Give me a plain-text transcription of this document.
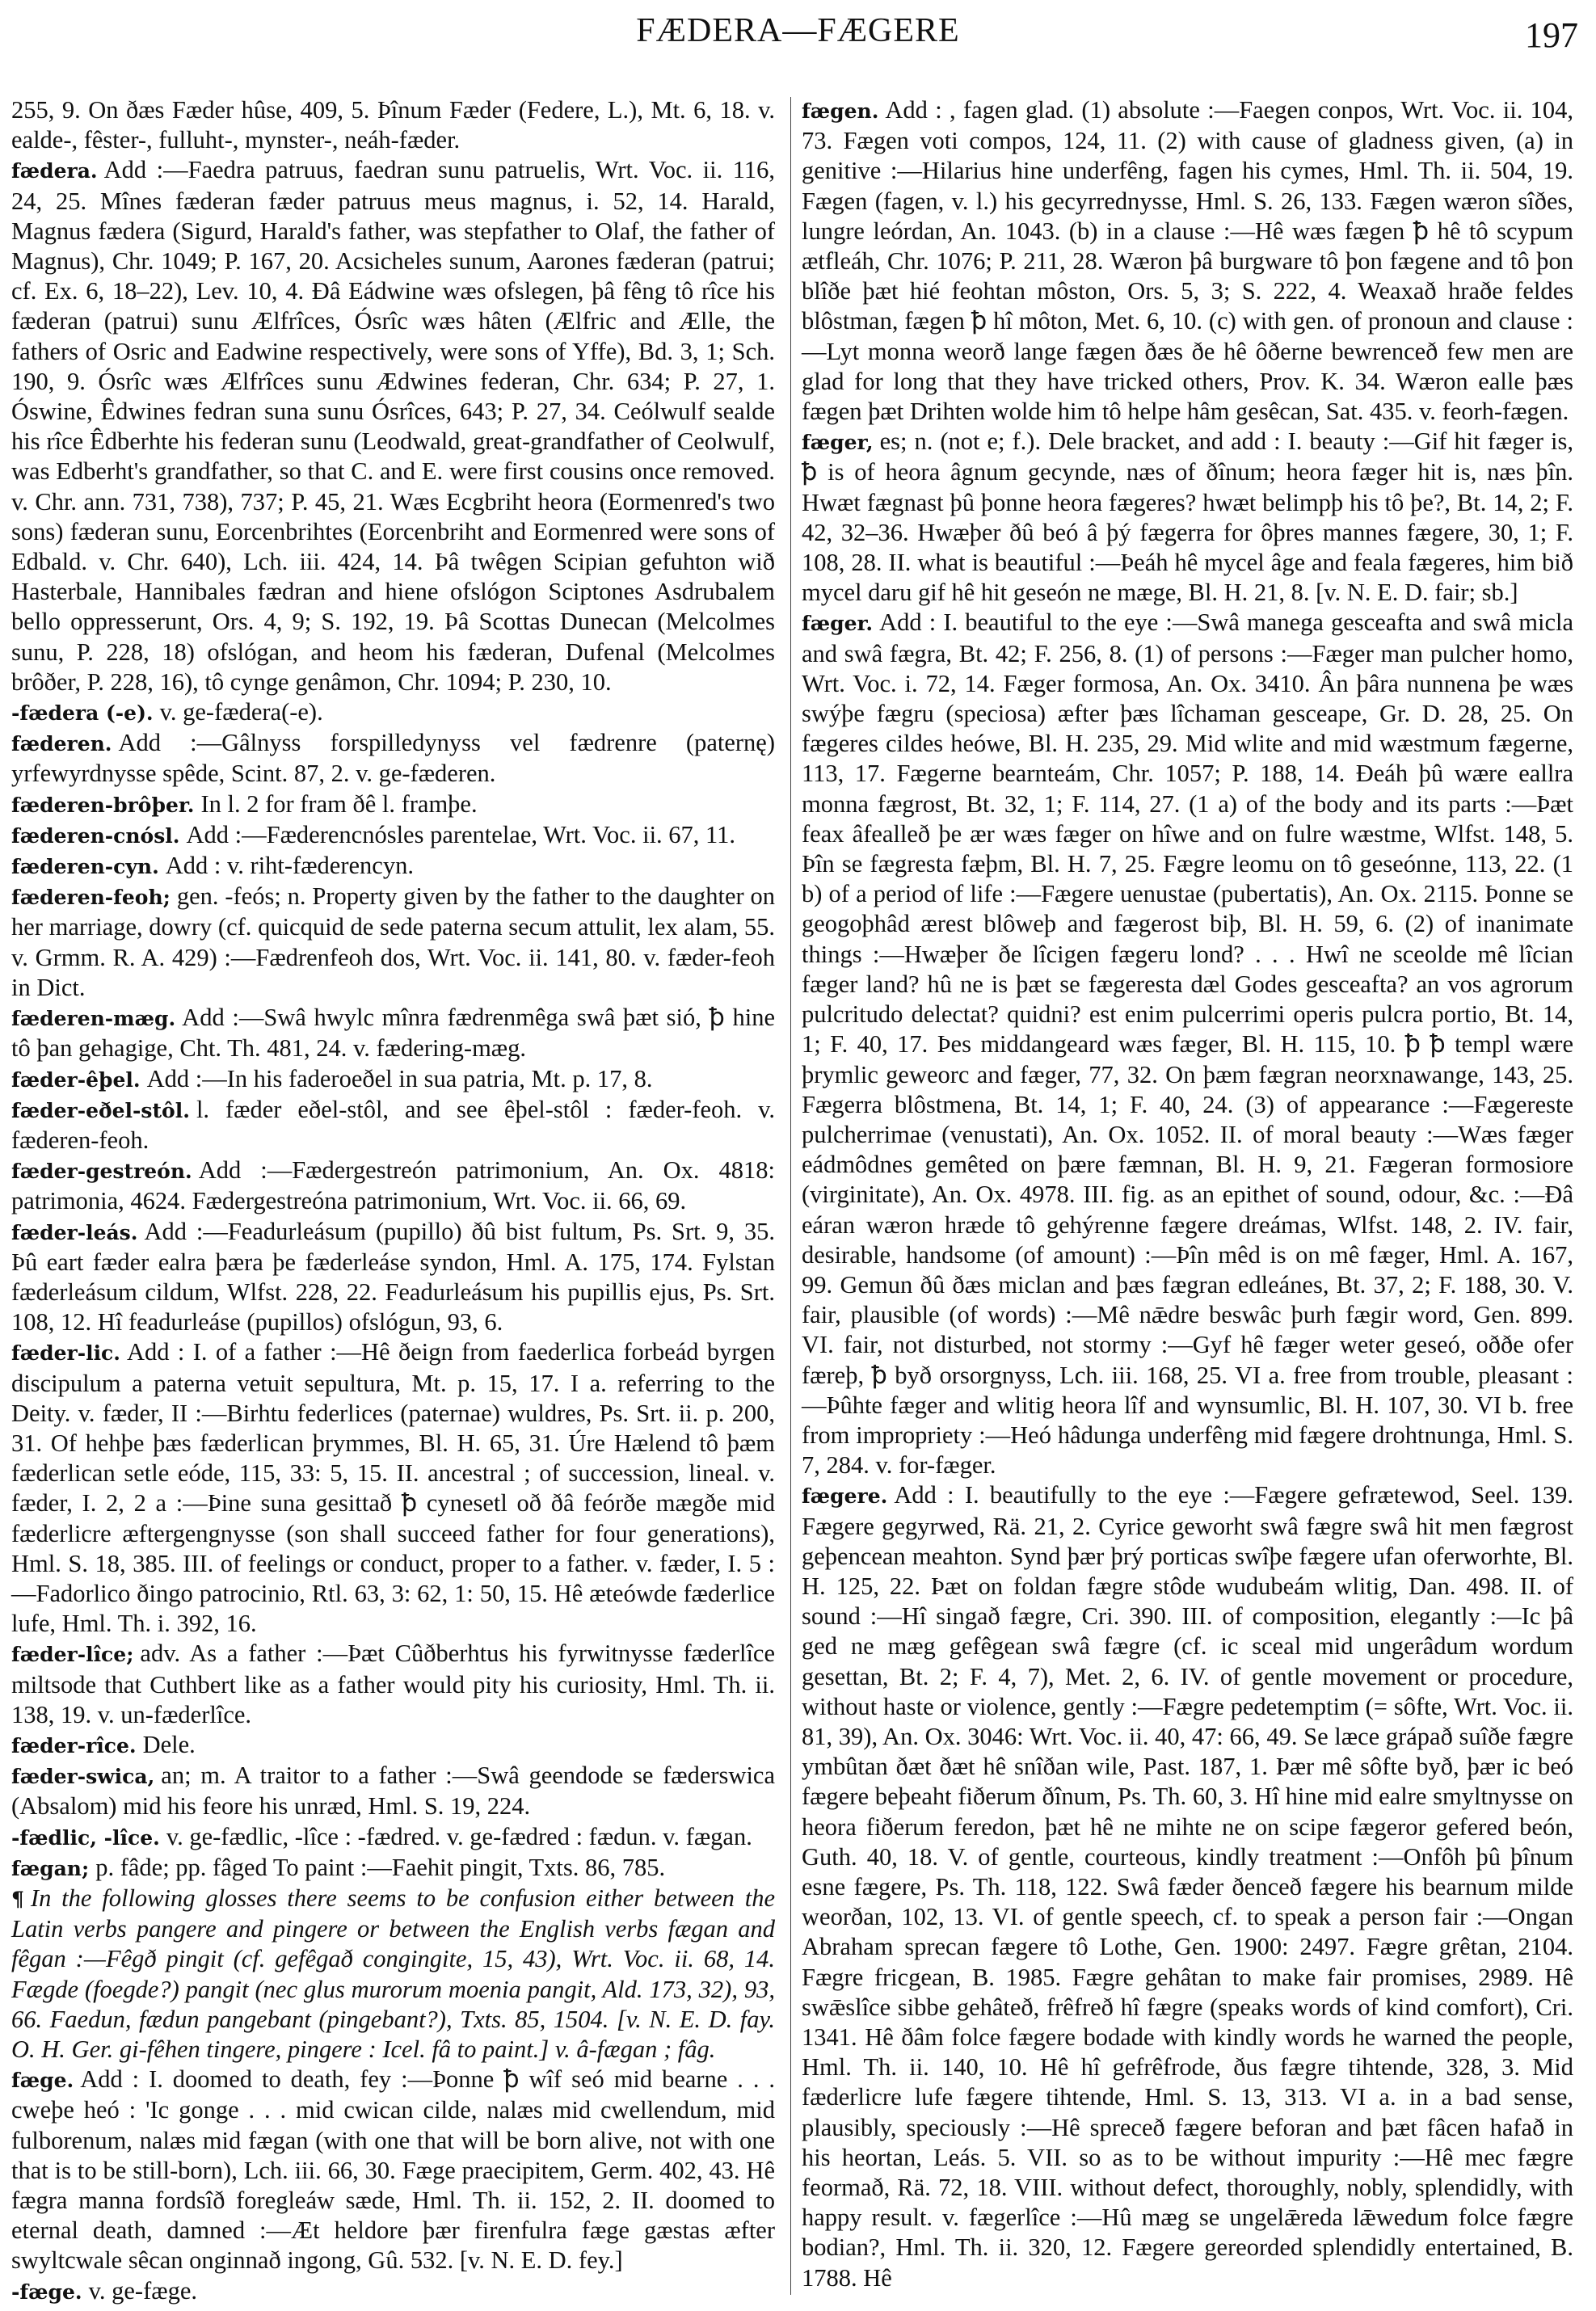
FÆDERA—FÆGERE	197

255, 9. On ðæs Fæder hûse, 409, 5. Þînum Fæder (Federe, L.), Mt. 6, 18. v. ealde-, fêster-, fulluht-, mynster-, neáh-fæder.

fædera. Add :—Faedra patruus, faedran sunu patruelis, Wrt. Voc. ii. 116, 24, 25. Mînes fæderan fæder patruus meus magnus, i. 52, 14. Harald, Magnus fædera (Sigurd, Harald's father, was stepfather to Olaf, the father of Magnus), Chr. 1049; P. 167, 20. Acsicheles sunum, Aarones fæderan (patrui; cf. Ex. 6, 18–22), Lev. 10, 4. Ðâ Eádwine wæs ofslegen, þâ fêng tô rîce his fæderan (patrui) sunu Ælfrîces, Ósrîc wæs hâten (Ælfric and Ælle, the fathers of Osric and Eadwine respectively, were sons of Yffe), Bd. 3, 1; Sch. 190, 9. Ósrîc wæs Ælfrîces sunu Ædwines federan, Chr. 634; P. 27, 1. Óswine, Êdwines fedran suna sunu Ósrîces, 643; P. 27, 34. Ceólwulf sealde his rîce Êdberhte his federan sunu (Leodwald, great-grandfather of Ceolwulf, was Edberht's grandfather, so that C. and E. were first cousins once removed. v. Chr. ann. 731, 738), 737; P. 45, 21. Wæs Ecgbriht heora (Eormenred's two sons) fæderan sunu, Eorcenbrihtes (Eorcenbriht and Eormenred were sons of Edbald. v. Chr. 640), Lch. iii. 424, 14. Þâ twêgen Scipian gefuhton wið Hasterbale, Hannibales fædran and hiene ofslógon Sciptones Asdrubalem bello oppresserunt, Ors. 4, 9; S. 192, 19. Þâ Scottas Dunecan (Melcolmes sunu, P. 228, 18) ofslógan, and heom his fæderan, Dufenal (Melcolmes brôðer, P. 228, 16), tô cynge genâmon, Chr. 1094; P. 230, 10.

-fædera (-e). v. ge-fædera(-e).

fæderen. Add :—Gâlnyss forspilledynyss vel fædrenre (paternę) yrfewyrdnysse spêde, Scint. 87, 2. v. ge-fæderen.

fæderen-brôþer. In l. 2 for fram ðê l. framþe.

fæderen-cnósl. Add :—Fæderencnósles parentelae, Wrt. Voc. ii. 67, 11.

fæderen-cyn. Add : v. riht-fæderencyn.

fæderen-feoh; gen. -feós; n. Property given by the father to the daughter on her marriage, dowry (cf. quicquid de sede paterna secum attulit, lex alam, 55. v. Grmm. R. A. 429) :—Fædrenfeoh dos, Wrt. Voc. ii. 141, 80. v. fæder-feoh in Dict.

fæderen-mæg. Add :—Swâ hwylc mînra fædrenmêga swâ þæt sió, ꝥ hine tô þan gehagige, Cht. Th. 481, 24. v. fædering-mæg.

fæder-êþel. Add :—In his faderoeðel in sua patria, Mt. p. 17, 8.

fæder-eðel-stôl. l. fæder eðel-stôl, and see êþel-stôl : fæder-feoh. v. fæderen-feoh.

fæder-gestreón. Add :—Fædergestreón patrimonium, An. Ox. 4818: patrimonia, 4624. Fædergestreóna patrimonium, Wrt. Voc. ii. 66, 69.

fæder-leás. Add :—Feadurleásum (pupillo) ðû bist fultum, Ps. Srt. 9, 35. Þû eart fæder ealra þæra þe fæderleáse syndon, Hml. A. 175, 174. Fylstan fæderleásum cildum, Wlfst. 228, 22. Feadurleásum his pupillis ejus, Ps. Srt. 108, 12. Hî feadurleáse (pupillos) ofslógun, 93, 6.

fæder-lic. Add : I. of a father :—Hê ðeign from faederlica forbeád byrgen discipulum a paterna vetuit sepultura, Mt. p. 15, 17. I a. referring to the Deity. v. fæder, II :—Birhtu federlices (paternae) wuldres, Ps. Srt. ii. p. 200, 31. Of hehþe þæs fæderlican þrymmes, Bl. H. 65, 31. Úre Hælend tô þæm fæderlican setle eóde, 115, 33: 5, 15. II. ancestral ; of succession, lineal. v. fæder, I. 2, 2 a :—Þine suna gesittað ꝥ cynesetl oð ðâ feórðe mægðe mid fæderlicre æftergengnysse (son shall succeed father for four generations), Hml. S. 18, 385. III. of feelings or conduct, proper to a father. v. fæder, I. 5 :—Fadorlico ðingo patrocinio, Rtl. 63, 3: 62, 1: 50, 15. Hê æteówde fæderlice lufe, Hml. Th. i. 392, 16.

fæder-lîce; adv. As a father :—Þæt Cûðberhtus his fyrwitnysse fæderlîce miltsode that Cuthbert like as a father would pity his curiosity, Hml. Th. ii. 138, 19. v. un-fæderlîce.

fæder-rîce. Dele.

fæder-swica, an; m. A traitor to a father :—Swâ geendode se fæderswica (Absalom) mid his feore his unræd, Hml. S. 19, 224.

-fædlic, -lîce. v. ge-fædlic, -lîce : -fædred. v. ge-fædred : fædun. v. fægan.

fægan; p. fâde; pp. fâged To paint :—Faehit pingit, Txts. 86, 785.

¶ In the following glosses there seems to be confusion either between the Latin verbs pangere and pingere or between the English verbs fægan and fêgan :—Fêgð pingit (cf. gefêgað congingite, 15, 43), Wrt. Voc. ii. 68, 14. Fægde (foegde?) pangit (nec glus murorum moenia pangit, Ald. 173, 32), 93, 66. Faedun, fædun pangebant (pingebant?), Txts. 85, 1504. [v. N. E. D. fay. O. H. Ger. gi-fêhen tingere, pingere : Icel. fâ to paint.] v. â-fægan ; fâg.

fæge. Add : I. doomed to death, fey :—Þonne ꝥ wîf seó mid bearne . . . cweþe heó : 'Ic gonge . . . mid cwican cilde, nalæs mid cwellendum, mid fulborenum, nalæs mid fægan (with one that will be born alive, not with one that is to be still-born), Lch. iii. 66, 30. Fæge praecipitem, Germ. 402, 43. Hê fægra manna fordsîð foreglеáw sæde, Hml. Th. ii. 152, 2. II. doomed to eternal death, damned :—Æt heldore þær firenfulra fæge gæstas æfter swyltcwale sêcan onginnað ingong, Gû. 532. [v. N. E. D. fey.]

-fæge. v. ge-fæge.

fægen. Add : , fagen glad. (1) absolute :—Faegen conpos, Wrt. Voc. ii. 104, 73. Fægen voti compos, 124, 11. (2) with cause of gladness given, (a) in genitive :—Hilarius hine underfêng, fagen his cymes, Hml. Th. ii. 504, 19. Fægen (fagen, v. l.) his gecyrrednysse, Hml. S. 26, 133. Fægen wæron sîðes, lungre leórdan, An. 1043. (b) in a clause :—Hê wæs fægen ꝥ hê tô scypum ætfleáh, Chr. 1076; P. 211, 28. Wæron þâ burgware tô þon fægene and tô þon blîðe þæt hié feohtan môston, Ors. 5, 3; S. 222, 4. Weaxað hraðe feldes blôstman, fægen ꝥ hî môton, Met. 6, 10. (c) with gen. of pronoun and clause :—Lyt monna weorð lange fægen ðæs ðe hê ôðerne bewrenceð few men are glad for long that they have tricked others, Prov. K. 34. Wæron ealle þæs fægen þæt Drihten wolde him tô helpe hâm gesêcan, Sat. 435. v. feorh-fægen.

fæger, es; n. (not e; f.). Dele bracket, and add : I. beauty :—Gif hit fæger is, ꝥ is of heora âgnum gecynde, næs of ðînum; heora fæger hit is, næs þîn. Hwæt fægnast þû þonne heora fægeres? hwæt belimpþ his tô þe?, Bt. 14, 2; F. 42, 32–36. Hwæþer ðû beó â þý fægerra for ôþres mannes fægere, 30, 1; F. 108, 28. II. what is beautiful :—Þeáh hê mycel âge and feala fægeres, him bið mycel daru gif hê hit geseón ne mæge, Bl. H. 21, 8. [v. N. E. D. fair; sb.]

fæger. Add : I. beautiful to the eye :—Swâ manega gesceafta and swâ micla and swâ fægra, Bt. 42; F. 256, 8. (1) of persons :—Fæger man pulcher homo, Wrt. Voc. i. 72, 14. Fæger formosa, An. Ox. 3410. Ân þâra nunnena þe wæs swýþe fægru (speciosa) æfter þæs lîchaman gesceape, Gr. D. 28, 25. On fægeres cildes heówe, Bl. H. 235, 29. Mid wlite and mid wæstmum fægerne, 113, 17. Fægerne bearnteám, Chr. 1057; P. 188, 14. Ðeáh þû wære eallra monna fægrost, Bt. 32, 1; F. 114, 27. (1 a) of the body and its parts :—Þæt feax âfealleð þe ær wæs fæger on hîwe and on fulre wæstme, Wlfst. 148, 5. Þîn se fægresta fæþm, Bl. H. 7, 25. Fægre leomu on tô geseónne, 113, 22. (1 b) of a period of life :—Fægere uenustae (pubertatis), An. Ox. 2115. Þonne se geogoþhâd ærest blôweþ and fægerost biþ, Bl. H. 59, 6. (2) of inanimate things :—Hwæþer ðe lîcigen fægeru lond? . . . Hwî ne sceolde mê lîcian fæger land? hû ne is þæt se fægeresta dæl Godes gesceafta? an vos agrorum pulcritudo delectat? quidni? est enim pulcerrimi operis pulcra portio, Bt. 14, 1; F. 40, 17. Þes middangeard wæs fæger, Bl. H. 115, 10. ꝥ ꝥ templ wære þrymlic geweorc and fæger, 77, 32. On þæm fægran neorxnawange, 143, 25. Fægerra blôstmena, Bt. 14, 1; F. 40, 24. (3) of appearance :—Fægereste pulcherrimae (venustati), An. Ox. 1052. II. of moral beauty :—Wæs fæger eádmôdnes gemêted on þære fæmnan, Bl. H. 9, 21. Fægeran formosiore (virginitate), An. Ox. 4978. III. fig. as an epithet of sound, odour, &c. :—Ðâ eáran wæron hræde tô gehýrenne fægere dreámas, Wlfst. 148, 2. IV. fair, desirable, handsome (of amount) :—Þîn mêd is on mê fæger, Hml. A. 167, 99. Gemun ðû ðæs miclan and þæs fægran edleánes, Bt. 37, 2; F. 188, 30. V. fair, plausible (of words) :—Mê nǣdre beswâc þurh fægir word, Gen. 899. VI. fair, not disturbed, not stormy :—Gyf hê fæger weter geseó, oððe ofer færeþ, ꝥ byð orsorgnyss, Lch. iii. 168, 25. VI a. free from trouble, pleasant :—Þûhte fæger and wlitig heora lîf and wynsumlic, Bl. H. 107, 30. VI b. free from impropriety :—Heó hâdunga underfêng mid fægere drohtnunga, Hml. S. 7, 284. v. for-fæger.

fægere. Add : I. beautifully to the eye :—Fægere gefrætewod, Seel. 139. Fægere gegyrwed, Rä. 21, 2. Cyrice geworht swâ fægre swâ hit men fægrost geþencean meahton. Synd þær þrý porticas swîþe fægere ufan oferworhte, Bl. H. 125, 22. Þæt on foldan fægre stôde wudubeám wlitig, Dan. 498. II. of sound :—Hî singað fægre, Cri. 390. III. of composition, elegantly :—Ic þâ ged ne mæg gefêgean swâ fægre (cf. ic sceal mid ungerâdum wordum gesettan, Bt. 2; F. 4, 7), Met. 2, 6. IV. of gentle movement or procedure, without haste or violence, gently :—Fægre pedetemptim (= sôfte, Wrt. Voc. ii. 81, 39), An. Ox. 3046: Wrt. Voc. ii. 40, 47: 66, 49. Se læce grápað suîðe fægre ymbûtan ðæt ðæt hê snîðan wile, Past. 187, 1. Þær mê sôfte byð, þær ic beó fægere beþeaht fiðerum ðînum, Ps. Th. 60, 3. Hî hine mid ealre smyltnysse on heora fiðerum feredon, þæt hê ne mihte ne on scipe fægeror gefered beón, Guth. 40, 18. V. of gentle, courteous, kindly treatment :—Onfôh þû þînum esne fægere, Ps. Th. 118, 122. Swâ fæder ðenceð fægere his bearnum milde weorðan, 102, 13. VI. of gentle speech, cf. to speak a person fair :—Ongan Abraham sprecan fægere tô Lothe, Gen. 1900: 2497. Fægre grêtan, 2104. Fægre fricgean, B. 1985. Fægre gehâtan to make fair promises, 2989. Hê swǣslîce sibbe gehâteð, frêfreð hî fægre (speaks words of kind comfort), Cri. 1341. Hê ðâm folce fægere bodade with kindly words he warned the people, Hml. Th. ii. 140, 10. Hê hî gefrêfrode, ðus fægre tihtende, 328, 3. Mid fæderlicre lufe fægere tihtende, Hml. S. 13, 313. VI a. in a bad sense, plausibly, speciously :—Hê spreceð fægere beforan and þæt fâcen hafað in his heortan, Leás. 5. VII. so as to be without impurity :—Hê mec fægre feormað, Rä. 72, 18. VIII. without defect, thoroughly, nobly, splendidly, with happy result. v. fægerlîce :—Hû mæg se ungelǣreda lǣwedum folce fægre bodian?, Hml. Th. ii. 320, 12. Fægere gereorded splendidly entertained, B. 1788. Hê
